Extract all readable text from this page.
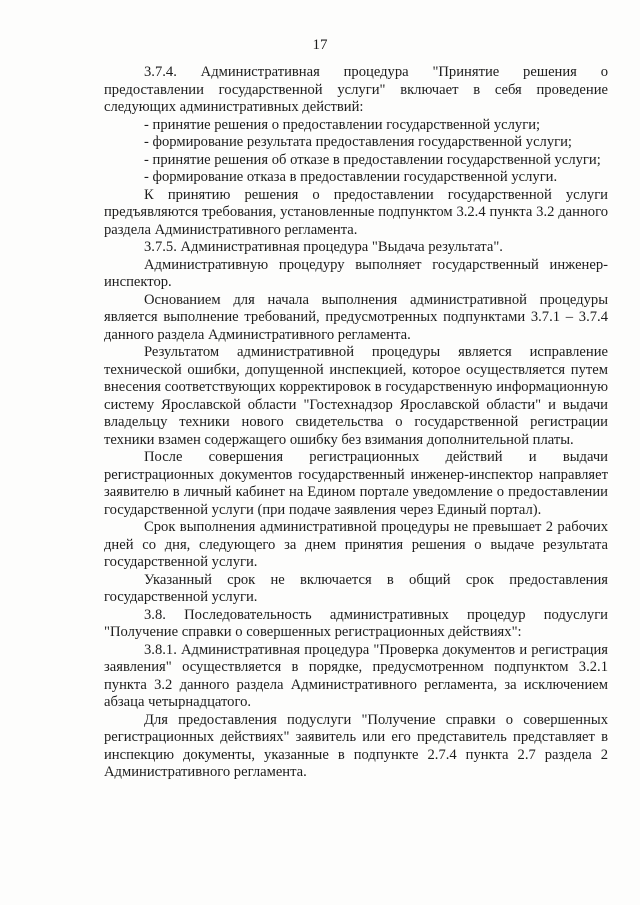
17

3.7.4. Административная процедура "Принятие решения о предоставлении государственной услуги" включает в себя проведение следующих административных действий:

- принятие решения о предоставлении государственной услуги;

- формирование результата предоставления государственной услуги;

- принятие решения об отказе в предоставлении государственной услуги;

- формирование отказа в предоставлении государственной услуги.

К принятию решения о предоставлении государственной услуги предъявляются требования, установленные подпунктом 3.2.4 пункта 3.2 данного раздела Административного регламента.

3.7.5. Административная процедура "Выдача результата".

Административную процедуру выполняет государственный инженер-инспектор.

Основанием для начала выполнения административной процедуры является выполнение требований, предусмотренных подпунктами 3.7.1 – 3.7.4 данного раздела Административного регламента.

Результатом административной процедуры является исправление технической ошибки, допущенной инспекцией, которое осуществляется путем внесения соответствующих корректировок в государственную информационную систему Ярославской области "Гостехнадзор Ярославской области" и выдачи владельцу техники нового свидетельства о государственной регистрации техники взамен содержащего ошибку без взимания дополнительной платы.

После совершения регистрационных действий и выдачи регистрационных документов государственный инженер-инспектор направляет заявителю в личный кабинет на Едином портале уведомление о предоставлении государственной услуги (при подаче заявления через Единый портал).

Срок выполнения административной процедуры не превышает 2 рабочих дней со дня, следующего за днем принятия решения о выдаче результата государственной услуги.

Указанный срок не включается в общий срок предоставления государственной услуги.

3.8. Последовательность административных процедур подуслуги "Получение справки о совершенных регистрационных действиях":

3.8.1. Административная процедура "Проверка документов и регистрация заявления" осуществляется в порядке, предусмотренном подпунктом 3.2.1 пункта 3.2 данного раздела Административного регламента, за исключением абзаца четырнадцатого.

Для предоставления подуслуги "Получение справки о совершенных регистрационных действиях" заявитель или его представитель представляет в инспекцию документы, указанные в подпункте 2.7.4 пункта 2.7 раздела 2 Административного регламента.
